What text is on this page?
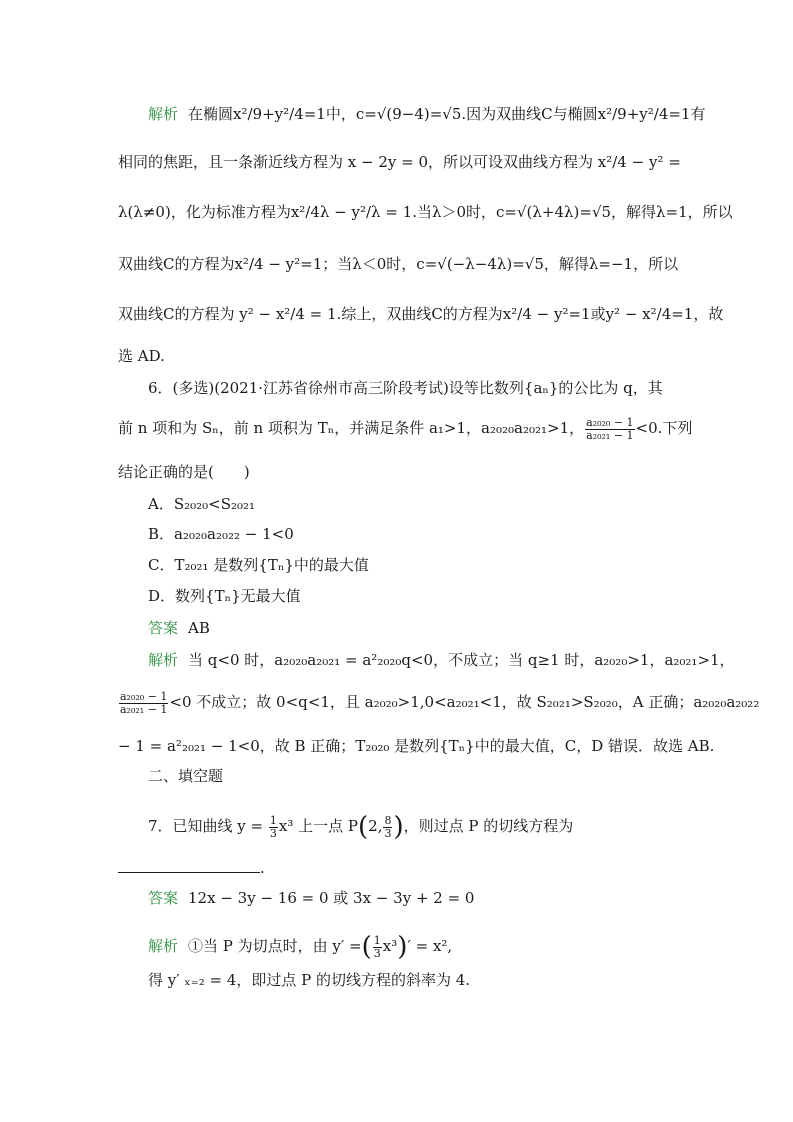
解析 在椭圆x²/9+y²/4=1中，c=√(9−4)=√5.因为双曲线C与椭圆x²/9+y²/4=1有
相同的焦距，且一条渐近线方程为 x − 2y = 0，所以可设双曲线方程为 x²/4 − y² =
λ(λ≠0)，化为标准方程为x²/4λ − y²/λ = 1.当λ＞0时，c=√(λ+4λ)=√5，解得λ=1，所以
双曲线C的方程为x²/4 − y²=1；当λ＜0时，c=√(−λ−4λ)=√5，解得λ=−1，所以
双曲线C的方程为 y² − x²/4 = 1.综上，双曲线C的方程为x²/4 − y²=1或y² − x²/4=1，故
选 AD.
6．(多选)(2021·江苏省徐州市高三阶段考试)设等比数列{aₙ}的公比为 q，其
前 n 项和为 Sₙ，前 n 项积为 Tₙ，并满足条件 a₁>1，a₂₀₂₀a₂₀₂₁>1， $\frac{\text{a₂₀₂₀ − 1}}{\text{a₂₀₂₁ − 1}} <0$.下列
结论正确的是(　　)
A．S₂₀₂₀<S₂₀₂₁
B．a₂₀₂₀a₂₀₂₂ − 1<0
C．T₂₀₂₁ 是数列{Tₙ}中的最大值
D．数列{Tₙ}无最大值
答案 AB
解析 当 q<0 时，a₂₀₂₀a₂₀₂₁ = a²₂₀₂₀q<0，不成立；当 q≥1 时，a₂₀₂₀>1，a₂₀₂₁>1，
$\frac{\text{a₂₀₂₀ − 1}}{\text{a₂₀₂₁ − 1}} <0$ 不成立；故 0<q<1，且 a₂₀₂₀>1,0<a₂₀₂₁<1，故 S₂₀₂₁>S₂₀₂₀，A 正确；a₂₀₂₀a₂₀₂₂
− 1 = a²₂₀₂₁ − 1<0，故 B 正确；T₂₀₂₀ 是数列{Tₙ}中的最大值，C，D 错误．故选 AB.
二、填空题
7．已知曲线 $y = \frac{1}{3} x^3$ 上一点 P(2, $\frac{8}{3}$ )，则过点 P 的切线方程为
.
答案 12x − 3y − 16 = 0 或 3x − 3y + 2 = 0
解析 ①当 P 为切点时，由 y′ =( $\frac{1}{3} x^3)' = x^2$,
得 y′ ₓ₌₂ = 4，即过点 P 的切线方程的斜率为 4.
